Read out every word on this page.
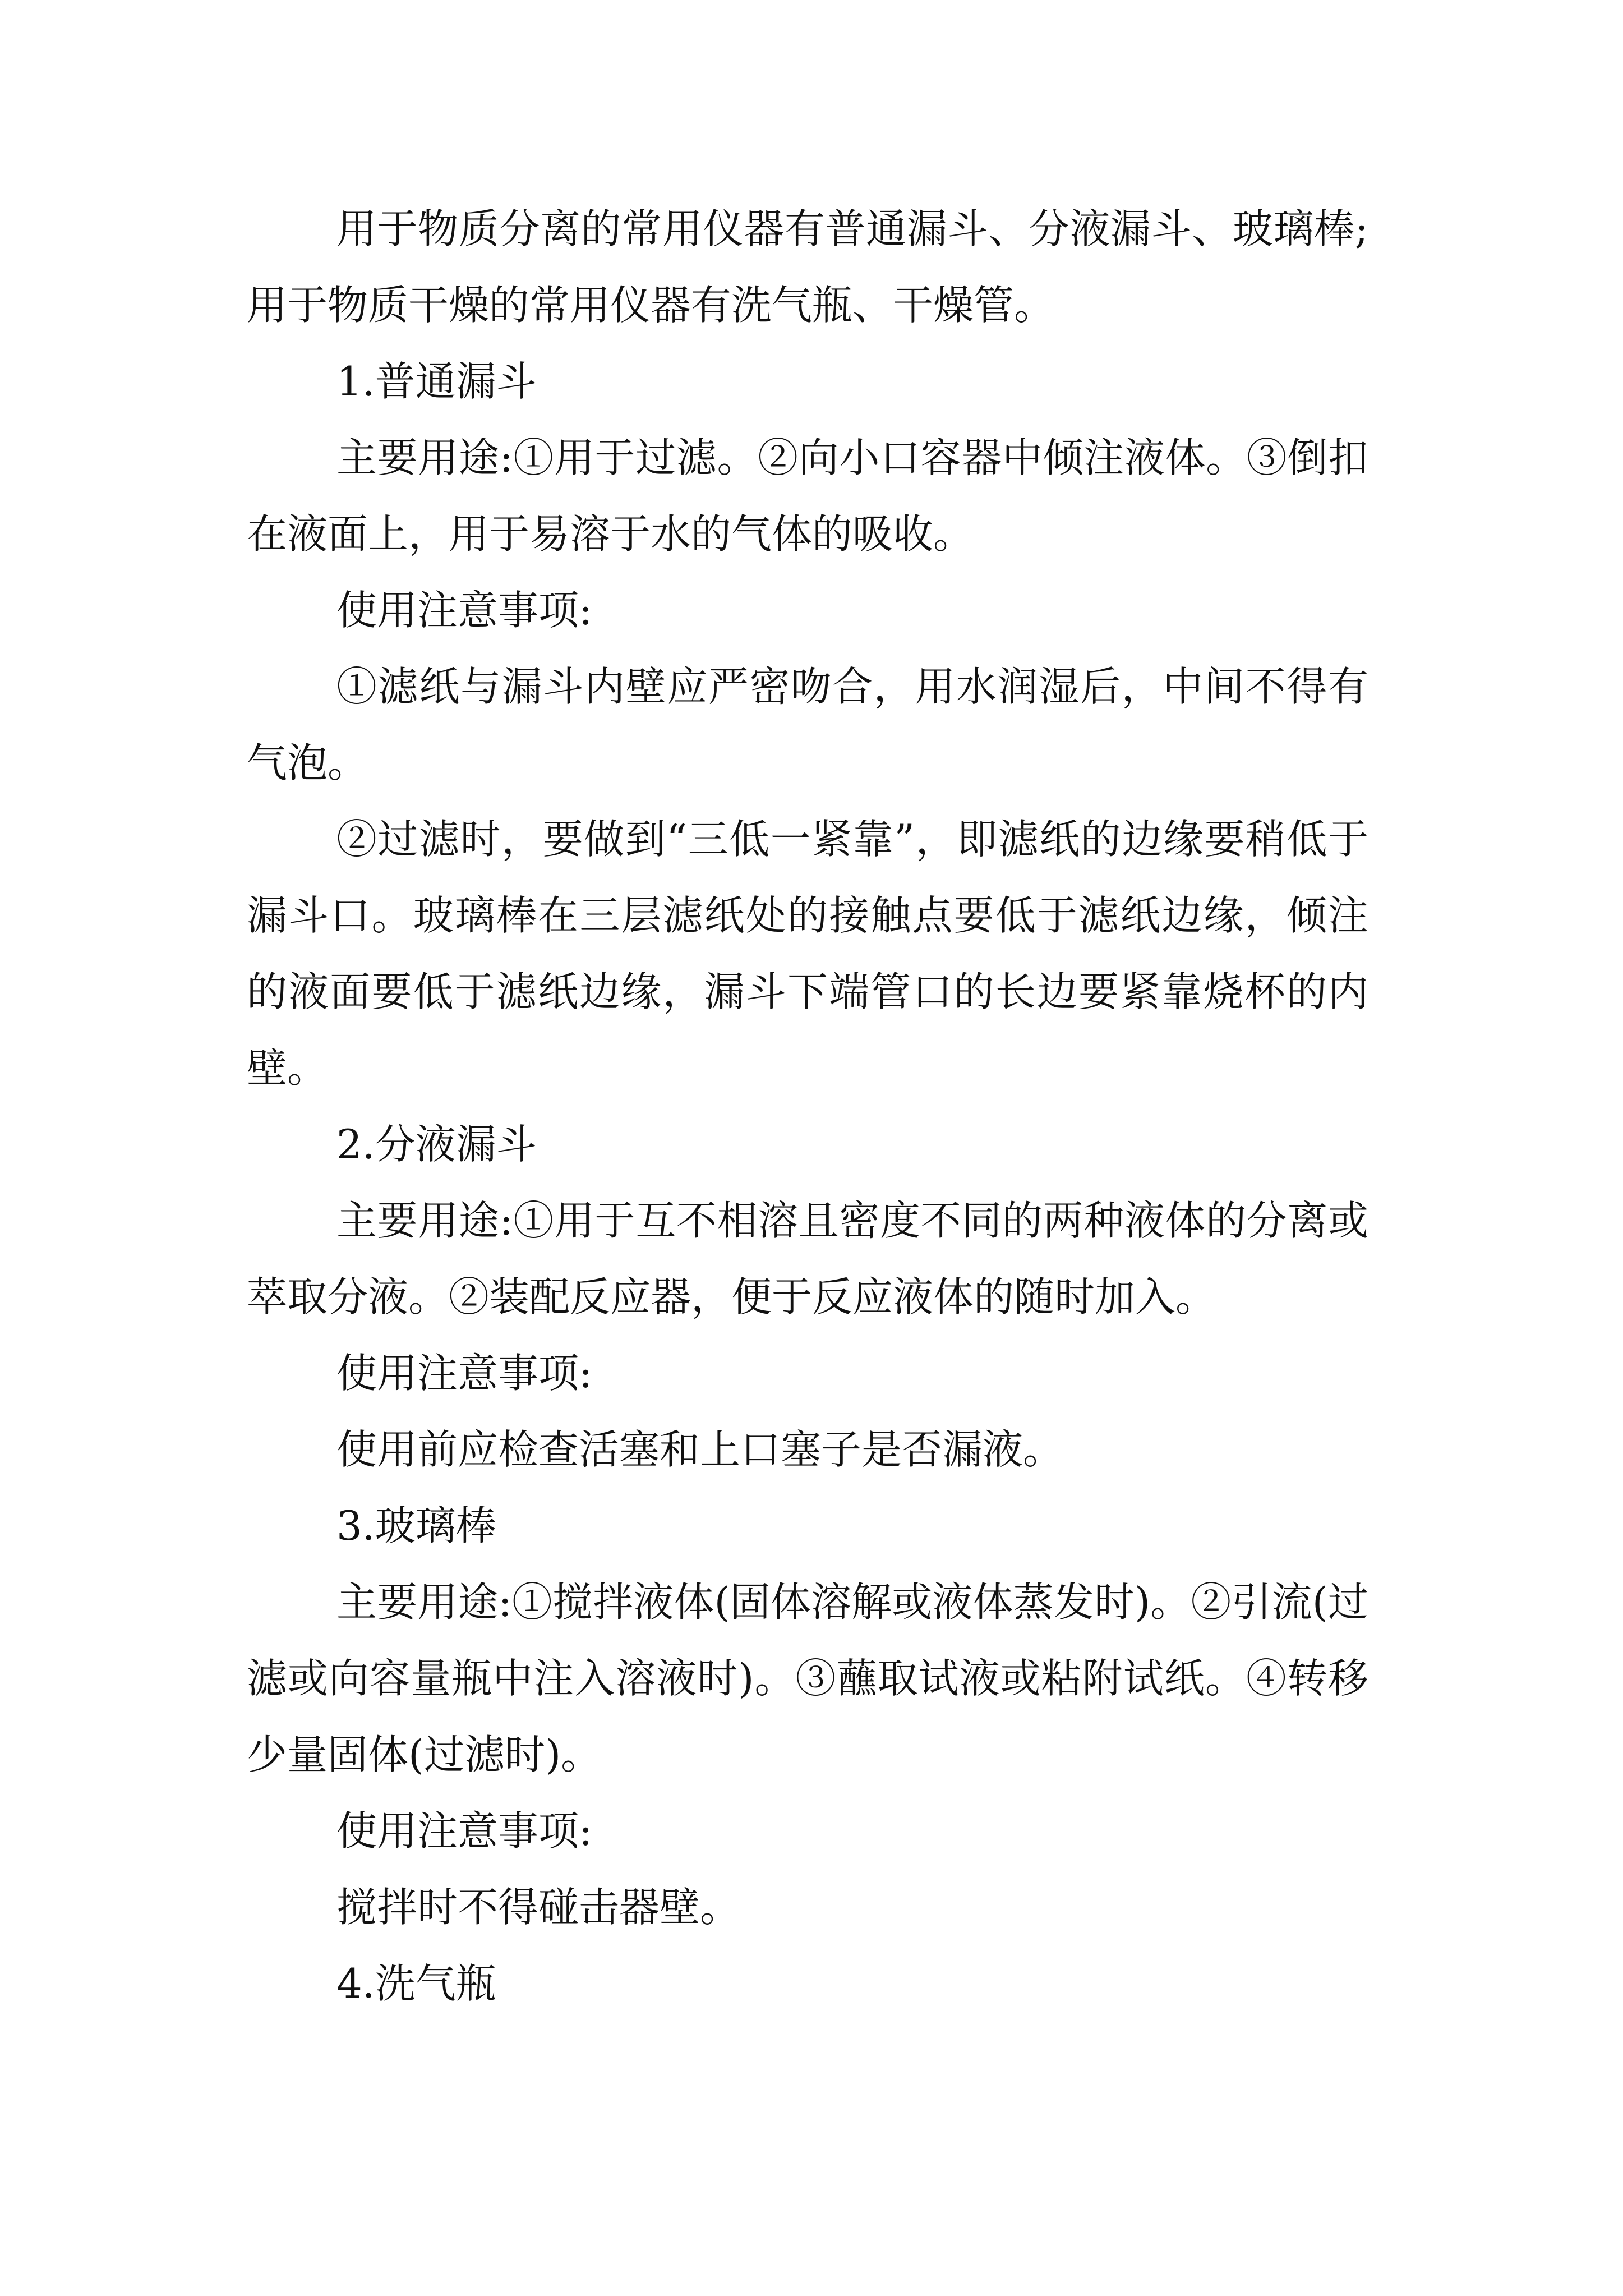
用于物质分离的常用仪器有普通漏斗、分液漏斗、玻璃棒;用于物质干燥的常用仪器有洗气瓶、干燥管。

1.普通漏斗

主要用途:①用于过滤。②向小口容器中倾注液体。③倒扣在液面上，用于易溶于水的气体的吸收。

使用注意事项:

①滤纸与漏斗内壁应严密吻合，用水润湿后，中间不得有气泡。

②过滤时，要做到“三低一紧靠”，即滤纸的边缘要稍低于漏斗口。玻璃棒在三层滤纸处的接触点要低于滤纸边缘，倾注的液面要低于滤纸边缘，漏斗下端管口的长边要紧靠烧杯的内壁。

2.分液漏斗

主要用途:①用于互不相溶且密度不同的两种液体的分离或萃取分液。②装配反应器，便于反应液体的随时加入。

使用注意事项:

使用前应检查活塞和上口塞子是否漏液。

3.玻璃棒

主要用途:①搅拌液体(固体溶解或液体蒸发时)。②引流(过滤或向容量瓶中注入溶液时)。③蘸取试液或粘附试纸。④转移少量固体(过滤时)。

使用注意事项:

搅拌时不得碰击器壁。

4.洗气瓶
